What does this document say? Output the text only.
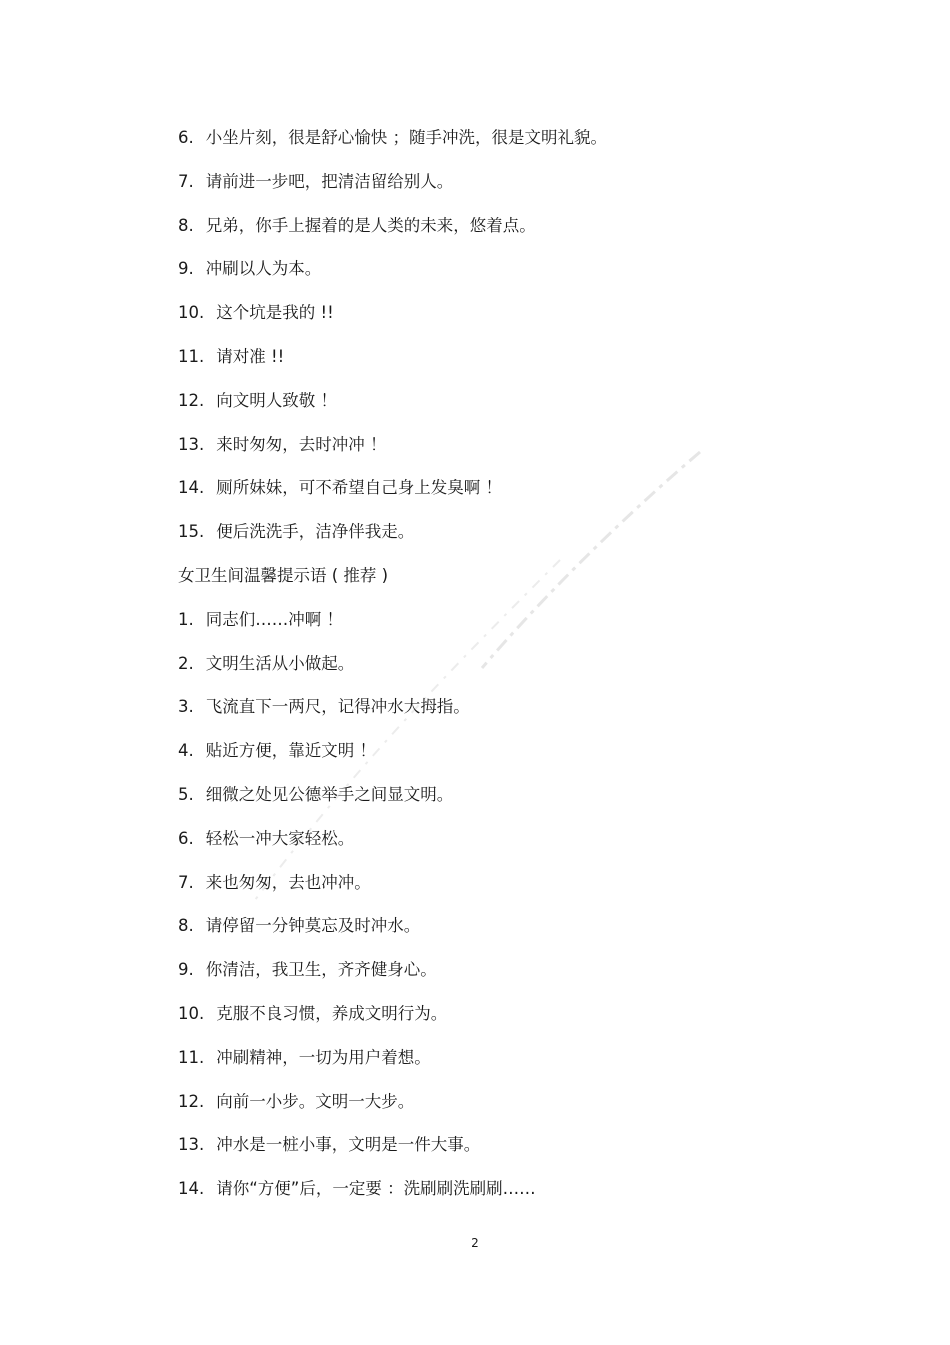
6. 小坐片刻，很是舒心愉快 ；随手冲洗，很是文明礼貌。
7. 请前进一步吧，把清洁留给别人。
8. 兄弟，你手上握着的是人类的未来，悠着点。
9. 冲刷以人为本。
10. 这个坑是我的 !!
11. 请对准 !!
12. 向文明人致敬 ！
13. 来时匆匆，去时冲冲 ！
14. 厕所妹妹，可不希望自己身上发臭啊 ！
15. 便后洗洗手，洁净伴我走。
女卫生间温馨提示语 ( 推荐 )
1. 同志们……冲啊 ！
2. 文明生活从小做起。
3. 飞流直下一两尺，记得冲水大拇指。
4. 贴近方便，靠近文明 ！
5. 细微之处见公德举手之间显文明。
6. 轻松一冲大家轻松。
7. 来也匆匆，去也冲冲。
8. 请停留一分钟莫忘及时冲水。
9. 你清洁，我卫生，齐齐健身心。
10. 克服不良习惯，养成文明行为。
11. 冲刷精神，一切为用户着想。
12. 向前一小步。文明一大步。
13. 冲水是一桩小事，文明是一件大事。
14. 请你“方便”后，一定要 ：洗刷刷洗刷刷……
2
